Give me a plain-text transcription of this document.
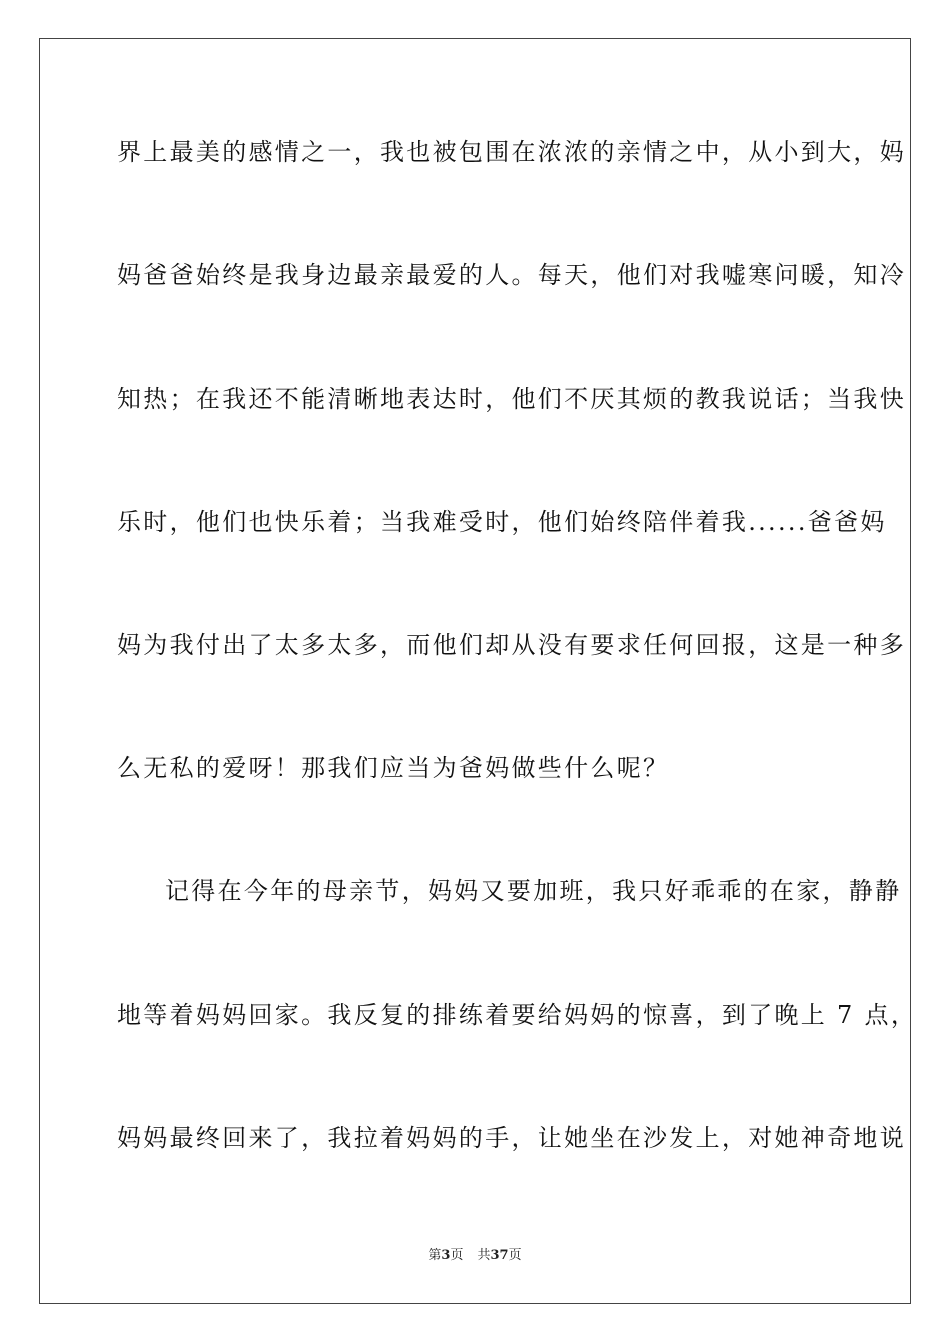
界上最美的感情之一，我也被包围在浓浓的亲情之中，从小到大，妈
妈爸爸始终是我身边最亲最爱的人。每天，他们对我嘘寒问暖，知冷
知热；在我还不能清晰地表达时，他们不厌其烦的教我说话；当我快
乐时，他们也快乐着；当我难受时，他们始终陪伴着我......爸爸妈
妈为我付出了太多太多，而他们却从没有要求任何回报，这是一种多
么无私的爱呀！那我们应当为爸妈做些什么呢？
记得在今年的母亲节，妈妈又要加班，我只好乖乖的在家，静静
地等着妈妈回家。我反复的排练着要给妈妈的惊喜，到了晚上 7 点，
妈妈最终回来了，我拉着妈妈的手，让她坐在沙发上，对她神奇地说
第3页 共37页
